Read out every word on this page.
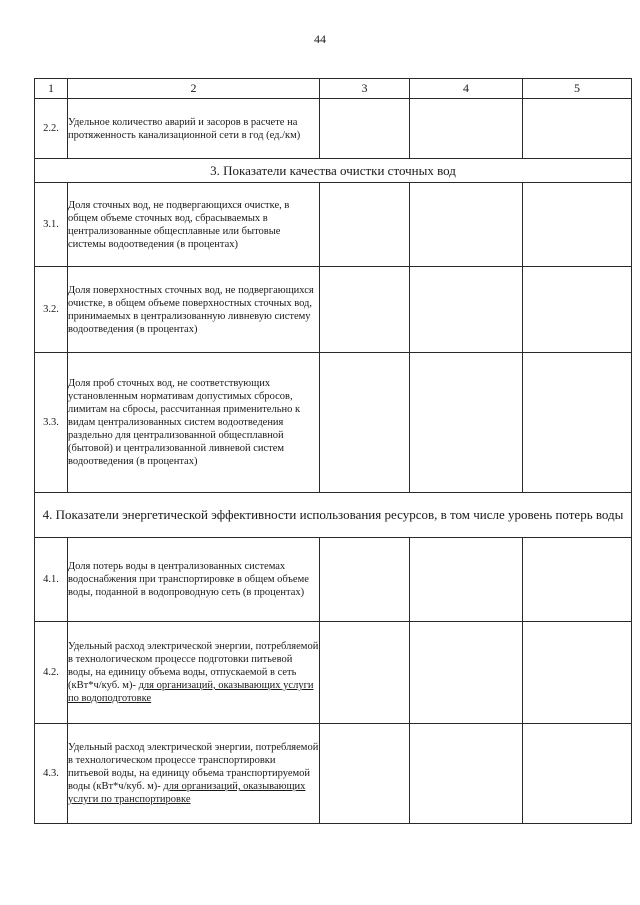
44
1	2	3	4	5
2.2.	Удельное количество аварий и засоров в расчете на протяженность канализационной сети в год (ед./км)			
3. Показатели качества очистки сточных вод				
3.1.	Доля сточных вод, не подвергающихся очистке, в общем объеме сточных вод, сбрасываемых в централизованные общесплавные или бытовые системы водоотведения (в процентах)			
3.2.	Доля поверхностных сточных вод, не подвергающихся очистке, в общем объеме поверхностных сточных вод, принимаемых в централизованную ливневую систему водоотведения (в процентах)			
3.3.	Доля проб сточных вод, не соответствующих установленным нормативам допустимых сбросов, лимитам на сбросы, рассчитанная применительно к видам централизованных систем водоотведения раздельно для централизованной общесплавной (бытовой) и централизованной ливневой систем водоотведения (в процентах)			
4. Показатели энергетической эффективности использования ресурсов, в том числе уровень потерь воды				
4.1.	Доля потерь воды в централизованных системах водоснабжения при транспортировке в общем объеме воды, поданной в водопроводную сеть (в процентах)			
4.2.	Удельный расход электрической энергии, потребляемой в технологическом процессе подготовки питьевой воды, на единицу объема воды, отпускаемой в сеть (кВт*ч/куб. м)- для организаций, оказывающих услуги по водоподготовке			
4.3.	Удельный расход электрической энергии, потребляемой в технологическом процессе транспортировки питьевой воды, на единицу объема транспортируемой воды (кВт*ч/куб. м)- для организаций, оказывающих услуги по транспортировке			
